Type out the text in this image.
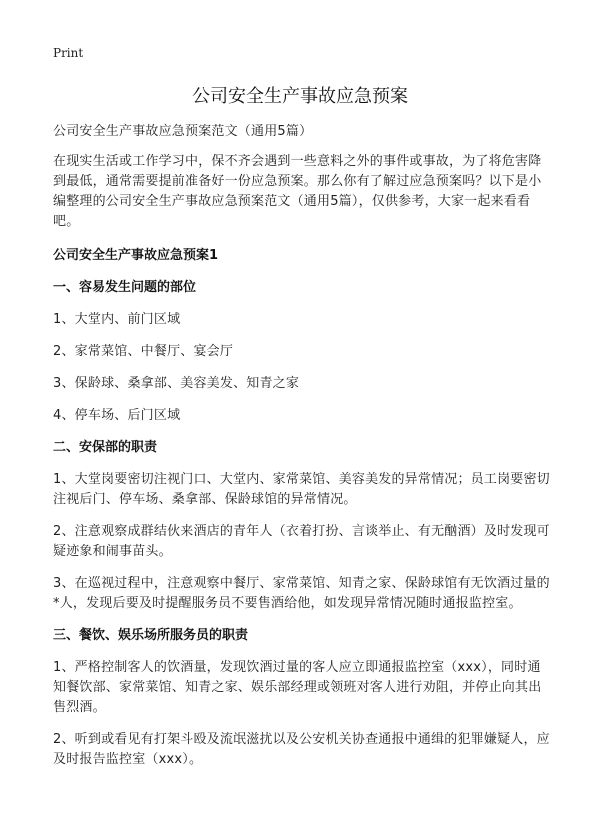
Print
公司安全生产事故应急预案
公司安全生产事故应急预案范文（通用5篇）
在现实生活或工作学习中，保不齐会遇到一些意料之外的事件或事故，为了将危害降到最低，通常需要提前准备好一份应急预案。那么你有了解过应急预案吗？以下是小编整理的公司安全生产事故应急预案范文（通用5篇），仅供参考，大家一起来看看吧。
公司安全生产事故应急预案1
一、容易发生问题的部位
1、大堂内、前门区域
2、家常菜馆、中餐厅、宴会厅
3、保龄球、桑拿部、美容美发、知青之家
4、停车场、后门区域
二、安保部的职责
1、大堂岗要密切注视门口、大堂内、家常菜馆、美容美发的异常情况；员工岗要密切注视后门、停车场、桑拿部、保龄球馆的异常情况。
2、注意观察成群结伙来酒店的青年人（衣着打扮、言谈举止、有无酗酒）及时发现可疑迹象和闹事苗头。
3、在巡视过程中，注意观察中餐厅、家常菜馆、知青之家、保龄球馆有无饮酒过量的*人，发现后要及时提醒服务员不要售酒给他，如发现异常情况随时通报监控室。
三、餐饮、娱乐场所服务员的职责
1、严格控制客人的饮酒量，发现饮酒过量的客人应立即通报监控室（xxx），同时通知餐饮部、家常菜馆、知青之家、娱乐部经理或领班对客人进行劝阻，并停止向其出售烈酒。
2、听到或看见有打架斗殴及流氓滋扰以及公安机关协查通报中通缉的犯罪嫌疑人，应及时报告监控室（xxx）。
